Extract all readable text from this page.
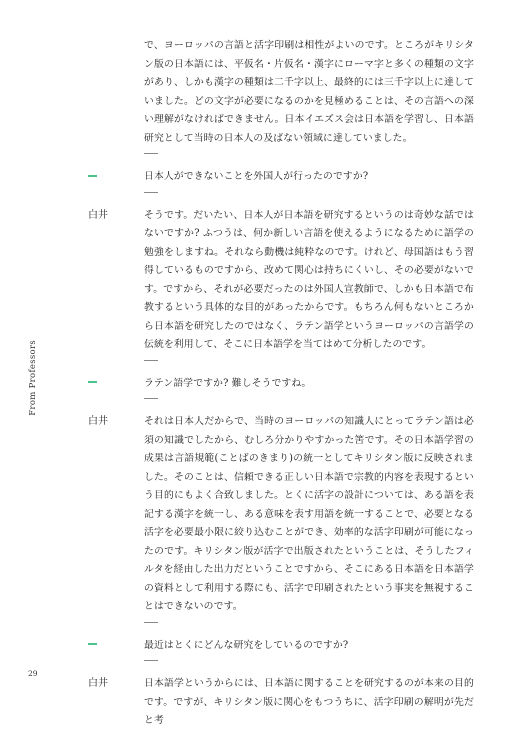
From Professors
29
で、ヨーロッパの言語と活字印刷は相性がよいのです。ところがキリシタン版の日本語には、平仮名・片仮名・漢字にローマ字と多くの種類の文字があり、しかも漢字の種類は二千字以上、最終的には三千字以上に達していました。どの文字が必要になるのかを見極めることは、その言語への深い理解がなければできません。日本イエズス会は日本語を学習し、日本語研究として当時の日本人の及ばない領域に達していました。
日本人ができないことを外国人が行ったのですか?
白井	そうです。だいたい、日本人が日本語を研究するというのは奇妙な話ではないですか? ふつうは、何か新しい言語を使えるようになるために語学の勉強をしますね。それなら動機は純粋なのです。けれど、母国語はもう習得しているものですから、改めて関心は持ちにくいし、その必要がないです。ですから、それが必要だったのは外国人宣教師で、しかも日本語で布教するという具体的な目的があったからです。もちろん何もないところから日本語を研究したのではなく、ラテン語学というヨーロッパの言語学の伝統を利用して、そこに日本語学を当てはめて分析したのです。
ラテン語学ですか? 難しそうですね。
白井	それは日本人だからで、当時のヨーロッパの知識人にとってラテン語は必須の知識でしたから、むしろ分かりやすかった筈です。その日本語学習の成果は言語規範(ことばのきまり)の統一としてキリシタン版に反映されました。そのことは、信頼できる正しい日本語で宗教的内容を表現するという目的にもよく合致しました。とくに活字の設計については、ある語を表記する漢字を統一し、ある意味を表す用語を統一することで、必要となる活字を必要最小限に絞り込むことができ、効率的な活字印刷が可能になったのです。キリシタン版が活字で出版されたということは、そうしたフィルタを経由した出力だということですから、そこにある日本語を日本語学の資料として利用する際にも、活字で印刷されたという事実を無視することはできないのです。
最近はとくにどんな研究をしているのですか?
白井	日本語学というからには、日本語に関することを研究するのが本来の目的です。ですが、キリシタン版に関心をもつうちに、活字印刷の解明が先だと考
